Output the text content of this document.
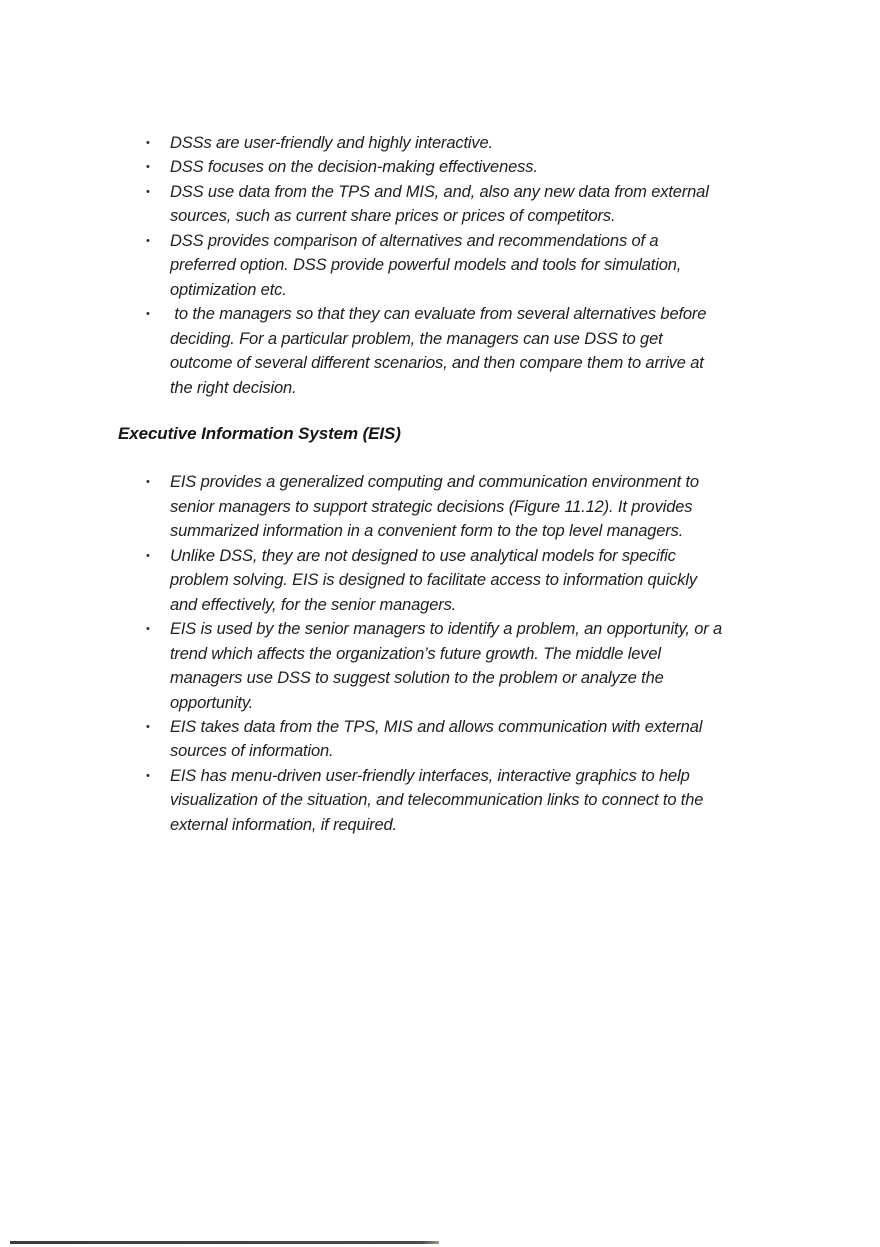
• DSSs are user-friendly and highly interactive.
• DSS focuses on the decision-making effectiveness.
• DSS use data from the TPS and MIS, and, also any new data from external
sources, such as current share prices or prices of competitors.
• DSS provides comparison of alternatives and recommendations of a
preferred option. DSS provide powerful models and tools for simulation,
optimization etc.
• to the managers so that they can evaluate from several alternatives before
deciding. For a particular problem, the managers can use DSS to get
outcome of several different scenarios, and then compare them to arrive at
the right decision.
Executive Information System (EIS)
• EIS provides a generalized computing and communication environment to
senior managers to support strategic decisions (Figure 11.12). It provides
summarized information in a convenient form to the top level managers.
• Unlike DSS, they are not designed to use analytical models for specific
problem solving. EIS is designed to facilitate access to information quickly
and effectively, for the senior managers.
• EIS is used by the senior managers to identify a problem, an opportunity, or a
trend which affects the organization’s future growth. The middle level
managers use DSS to suggest solution to the problem or analyze the
opportunity.
• EIS takes data from the TPS, MIS and allows communication with external
sources of information.
• EIS has menu-driven user-friendly interfaces, interactive graphics to help
visualization of the situation, and telecommunication links to connect to the
external information, if required.
